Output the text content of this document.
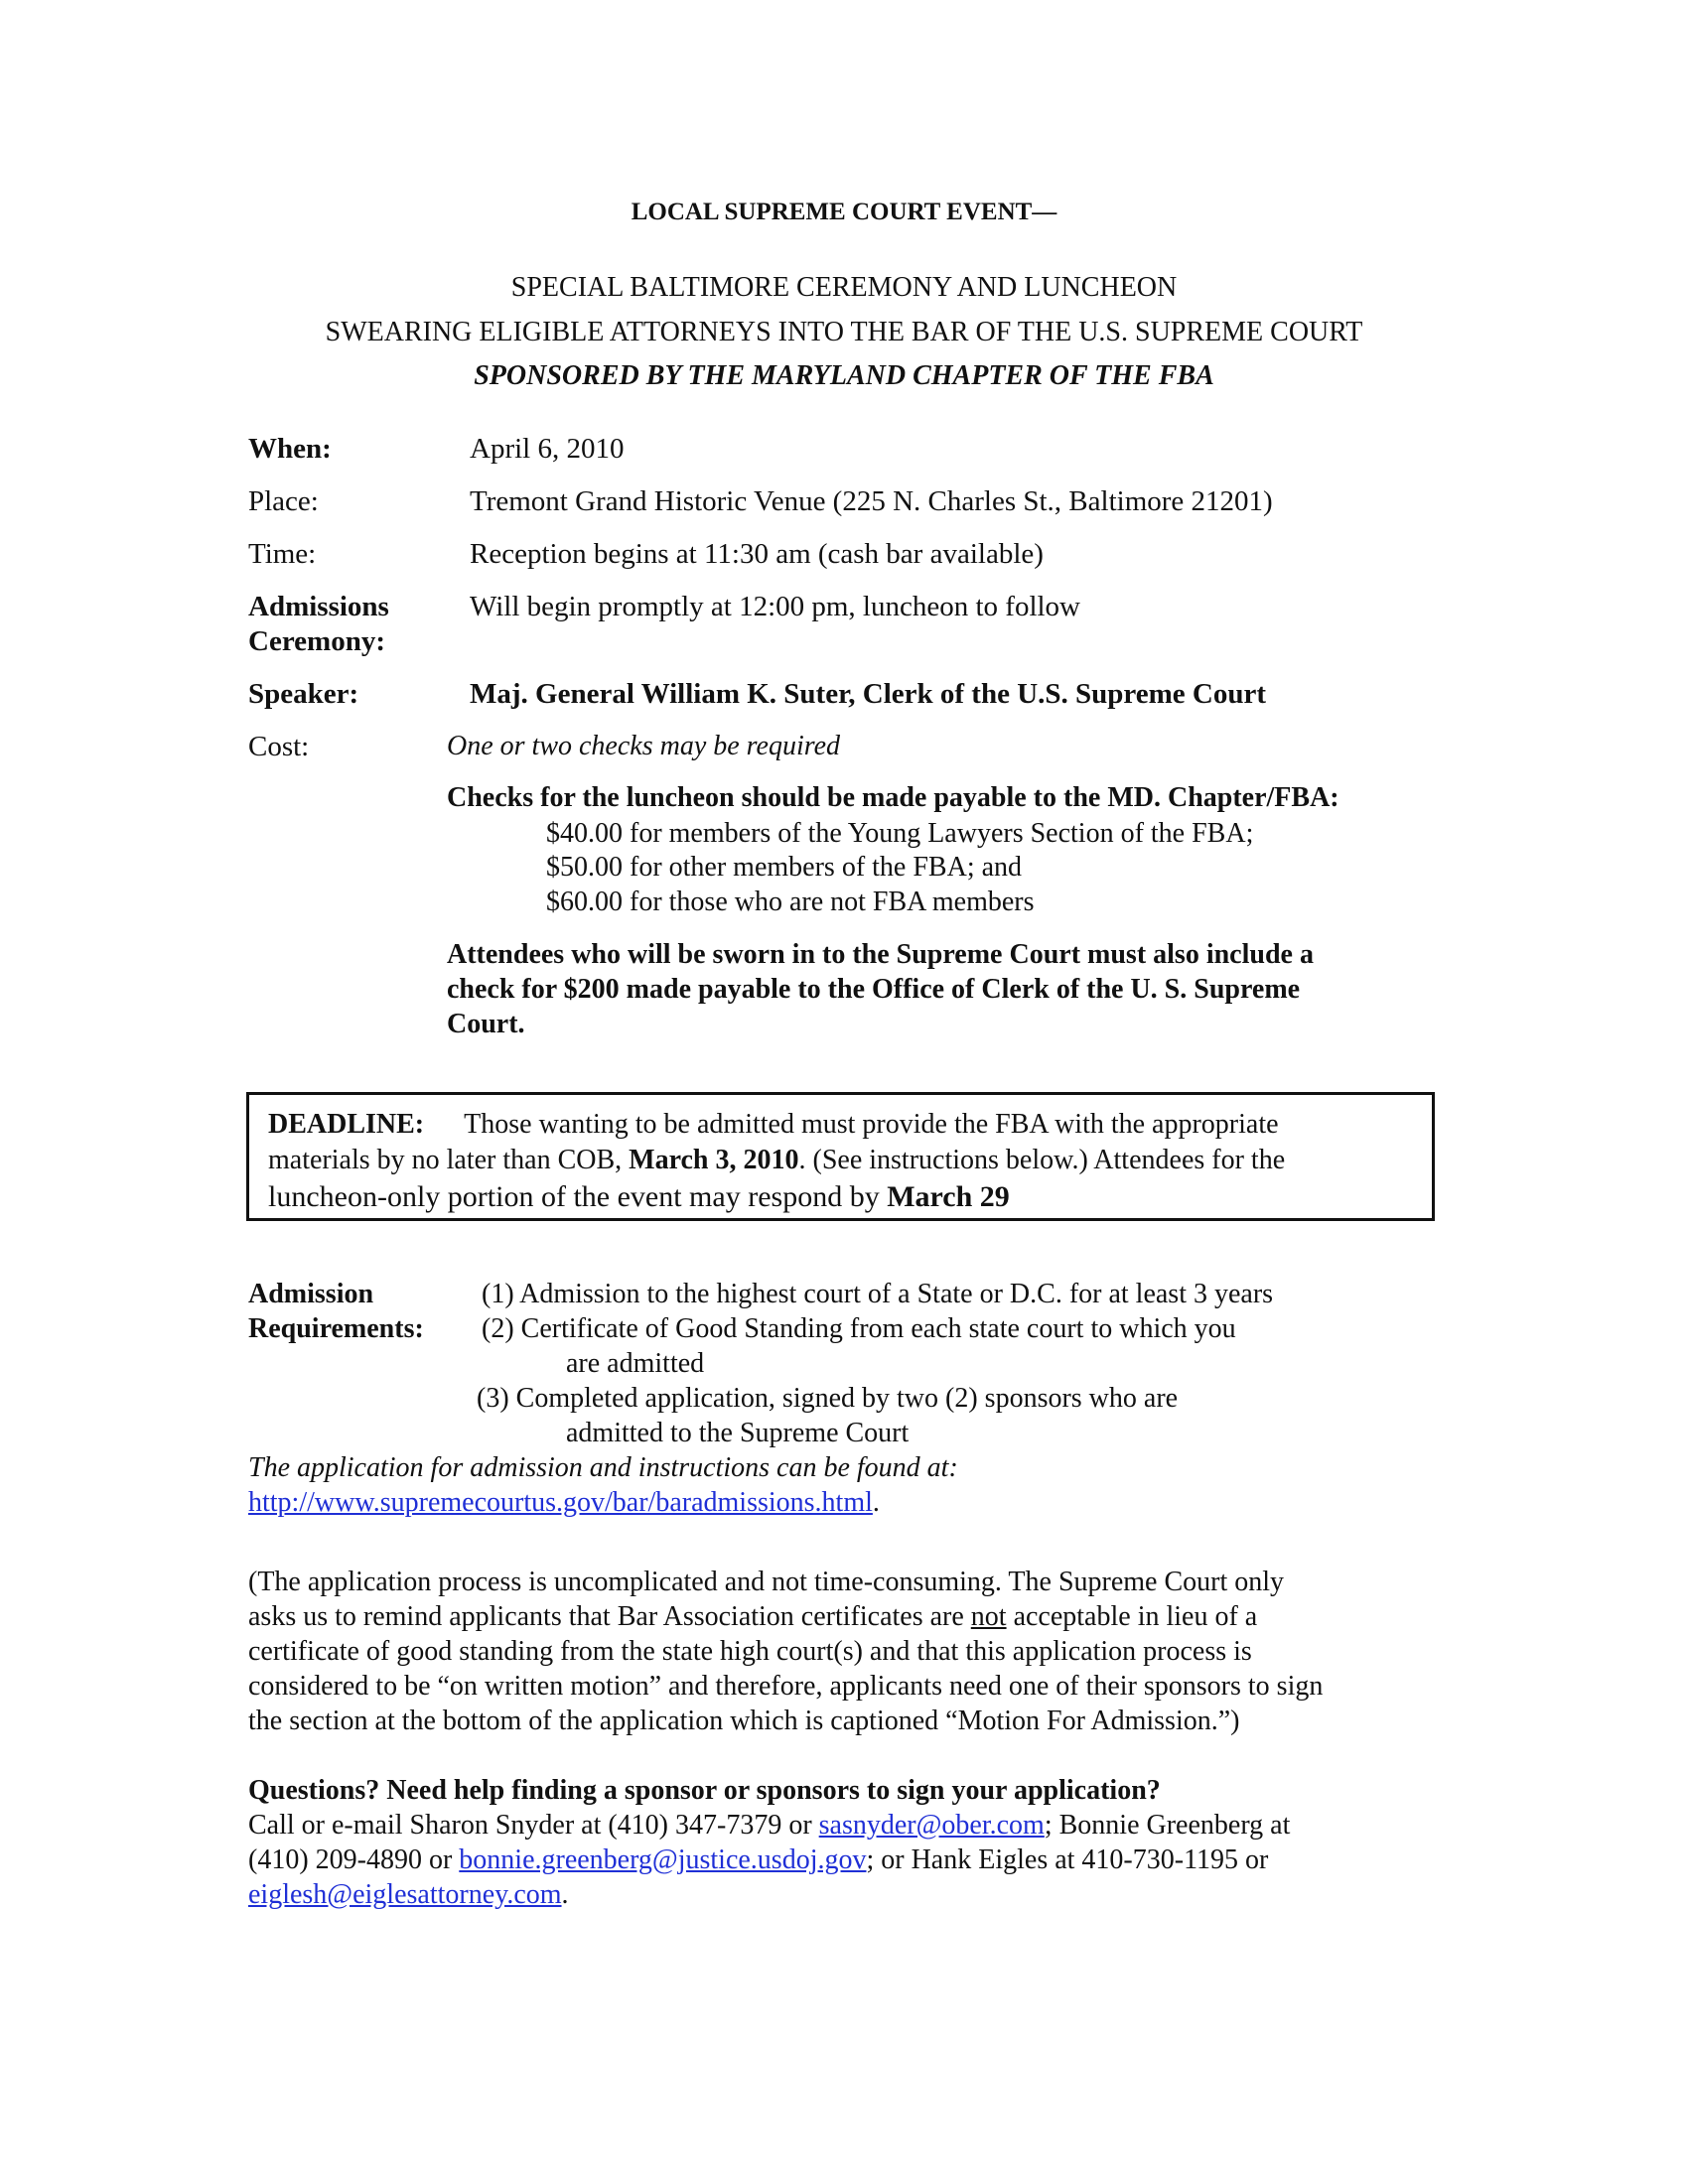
LOCAL SUPREME COURT EVENT—
SPECIAL BALTIMORE CEREMONY AND LUNCHEON
SWEARING ELIGIBLE ATTORNEYS INTO THE BAR OF THE U.S. SUPREME COURT
SPONSORED BY THE MARYLAND CHAPTER OF THE FBA
When:	April 6, 2010
Place:	Tremont Grand Historic Venue (225 N. Charles St., Baltimore 21201)
Time:	Reception begins at 11:30 am (cash bar available)
Admissions
Ceremony:
Will begin promptly at 12:00 pm, luncheon to follow
Speaker:	Maj. General William K. Suter, Clerk of the U.S. Supreme Court
Cost:	One or two checks may be required
Checks for the luncheon should be made payable to the MD. Chapter/FBA:
$40.00 for members of the Young Lawyers Section of the FBA;
$50.00 for other members of the FBA; and
$60.00 for those who are not FBA members
Attendees who will be sworn in to the Supreme Court must also include a
check for $200 made payable to the Office of Clerk of the U. S. Supreme
Court.
DEADLINE: Those wanting to be admitted must provide the FBA with the appropriate
materials by no later than COB, March 3, 2010. (See instructions below.) Attendees for the
luncheon-only portion of the event may respond by March 29
Admission
Requirements:
(1) Admission to the highest court of a State or D.C. for at least 3 years
(2) Certificate of Good Standing from each state court to which you
are admitted
(3) Completed application, signed by two (2) sponsors who are
admitted to the Supreme Court
The application for admission and instructions can be found at:
http://www.supremecourtus.gov/bar/baradmissions.html.
(The application process is uncomplicated and not time-consuming. The Supreme Court only
asks us to remind applicants that Bar Association certificates are not acceptable in lieu of a
certificate of good standing from the state high court(s) and that this application process is
considered to be “on written motion” and therefore, applicants need one of their sponsors to sign
the section at the bottom of the application which is captioned “Motion For Admission.”)
Questions? Need help finding a sponsor or sponsors to sign your application?
Call or e-mail Sharon Snyder at (410) 347-7379 or sasnyder@ober.com; Bonnie Greenberg at
(410) 209-4890 or bonnie.greenberg@justice.usdoj.gov; or Hank Eigles at 410-730-1195 or
eiglesh@eiglesattorney.com.
